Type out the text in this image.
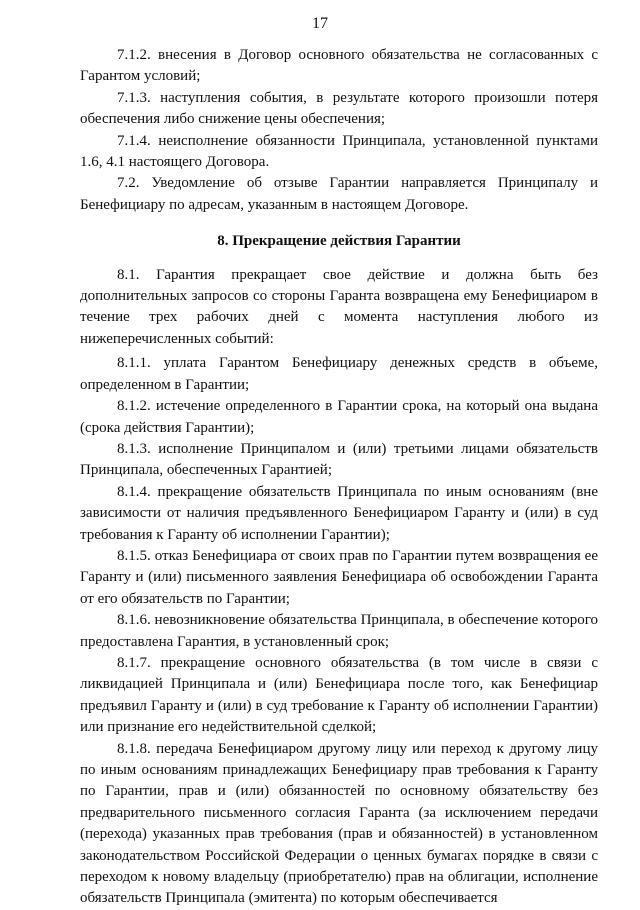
17

7.1.2. внесения в Договор основного обязательства не согласованных с Гарантом условий;

7.1.3. наступления события, в результате которого произошли потеря обеспечения либо снижение цены обеспечения;

7.1.4. неисполнение обязанности Принципала, установленной пунктами 1.6, 4.1 настоящего Договора.

7.2. Уведомление об отзыве Гарантии направляется Принципалу и Бенефициару по адресам, указанным в настоящем Договоре.

8. Прекращение действия Гарантии

8.1. Гарантия прекращает свое действие и должна быть без дополнительных запросов со стороны Гаранта возвращена ему Бенефициаром в течение трех рабочих дней с момента наступления любого из нижеперечисленных событий:

8.1.1. уплата Гарантом Бенефициару денежных средств в объеме, определенном в Гарантии;

8.1.2. истечение определенного в Гарантии срока, на который она выдана (срока действия Гарантии);

8.1.3. исполнение Принципалом и (или) третьими лицами обязательств Принципала, обеспеченных Гарантией;

8.1.4. прекращение обязательств Принципала по иным основаниям (вне зависимости от наличия предъявленного Бенефициаром Гаранту и (или) в суд требования к Гаранту об исполнении Гарантии);

8.1.5. отказ Бенефициара от своих прав по Гарантии путем возвращения ее Гаранту и (или) письменного заявления Бенефициара об освобождении Гаранта от его обязательств по Гарантии;

8.1.6. невозникновение обязательства Принципала, в обеспечение которого предоставлена Гарантия, в установленный срок;

8.1.7. прекращение основного обязательства (в том числе в связи с ликвидацией Принципала и (или) Бенефициара после того, как Бенефициар предъявил Гаранту и (или) в суд требование к Гаранту об исполнении Гарантии) или признание его недействительной сделкой;

8.1.8. передача Бенефициаром другому лицу или переход к другому лицу по иным основаниям принадлежащих Бенефициару прав требования к Гаранту по Гарантии, прав и (или) обязанностей по основному обязательству без предварительного письменного согласия Гаранта (за исключением передачи (перехода) указанных прав требования (прав и обязанностей) в установленном законодательством Российской Федерации о ценных бумагах порядке в связи с переходом к новому владельцу (приобретателю) прав на облигации, исполнение обязательств Принципала (эмитента) по которым обеспечивается
